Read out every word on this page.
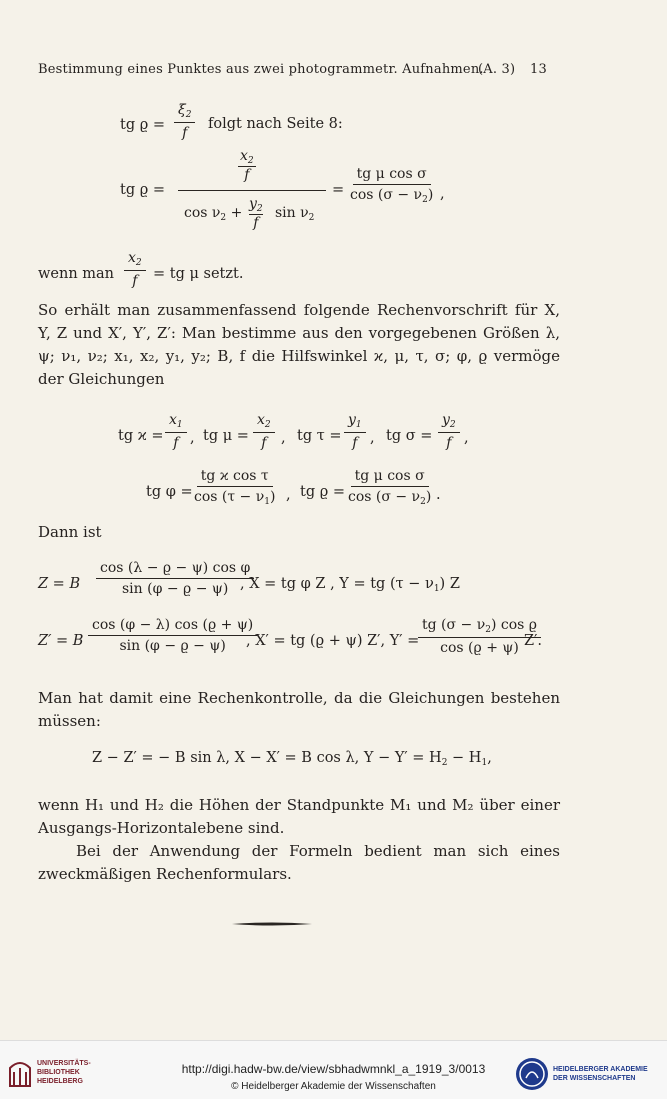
Bestimmung eines Punktes aus zwei photogrammetr. Aufnahmen.
(A. 3) 13
tg $ϱ = \frac{\xi_2}{f}$ folgt nach Seite 8:
tg ϱ =
$x_2$
f
$\cos \nu_2$ +
$y_2$
f
$\sin \nu_2$
= $\frac{\text{tg μ cos σ}}{\cos (\sigma - \nu_2)}$ ,
wenn man $\frac{x_2}{f}$ = tg μ setzt.
So erhält man zusammenfassend folgende Rechenvorschrift für X, Y, Z und X′, Y′, Z′: Man bestimme aus den vorgegebenen Größen λ, ψ; ν₁, ν₂; x₁, x₂, y₁, y₂; B, f die Hilfswinkel ϰ, μ, τ, σ; φ, ϱ vermöge der Gleichungen
tg $ϰ = \frac{x_1}{f}$ , tg $\mu = \frac{x_2}{f}$ , tg $\tau = \frac{y_1}{f}$ , tg $\sigma = \frac{y_2}{f}$ ,
tg $\varphi = \frac{\text{tg ϰ cos τ}}{\cos (\tau - \nu_1)}$ , tg $ϱ = \frac{\text{tg μ cos σ}}{\cos (\sigma - \nu_2)}$ .
Dann ist
Z = B $\frac{\text{cos (λ − ϱ − ψ) cos φ}}{\sin (\varphi - ϱ - \psi)}$
, X = tg φ Z , Y = tg $(\tau - \nu_1)$ Z
Z′ = B $\frac{\cos (\varphi - \lambda) \cos (ϱ + \psi)}{\sin (\varphi - ϱ - \psi)}$
, X′ = tg (ϱ + ψ) Z′, Y′ =
$\frac{tg (\sigma - \nu_2) \cos ϱ}{\cos (ϱ + \psi)}$
Z′.
Man hat damit eine Rechenkontrolle, da die Gleichungen bestehen müssen:
Z − Z′ = − B sin λ, X − X′ = B cos λ, $Y - Y' = H_2 - H_1$,
wenn H₁ und H₂ die Höhen der Standpunkte M₁ und M₂ über einer Ausgangs-Horizontalebene sind.
Bei der Anwendung der Formeln bedient man sich eines zweckmäßigen Rechenformulars.
UNIVERSITÄTS-
BIBLIOTHEK
HEIDELBERG
http://digi.hadw-bw.de/view/sbhadwmnkl_a_1919_3/0013
© Heidelberger Akademie der Wissenschaften
HEIDELBERGER AKADEMIE
DER WISSENSCHAFTEN
